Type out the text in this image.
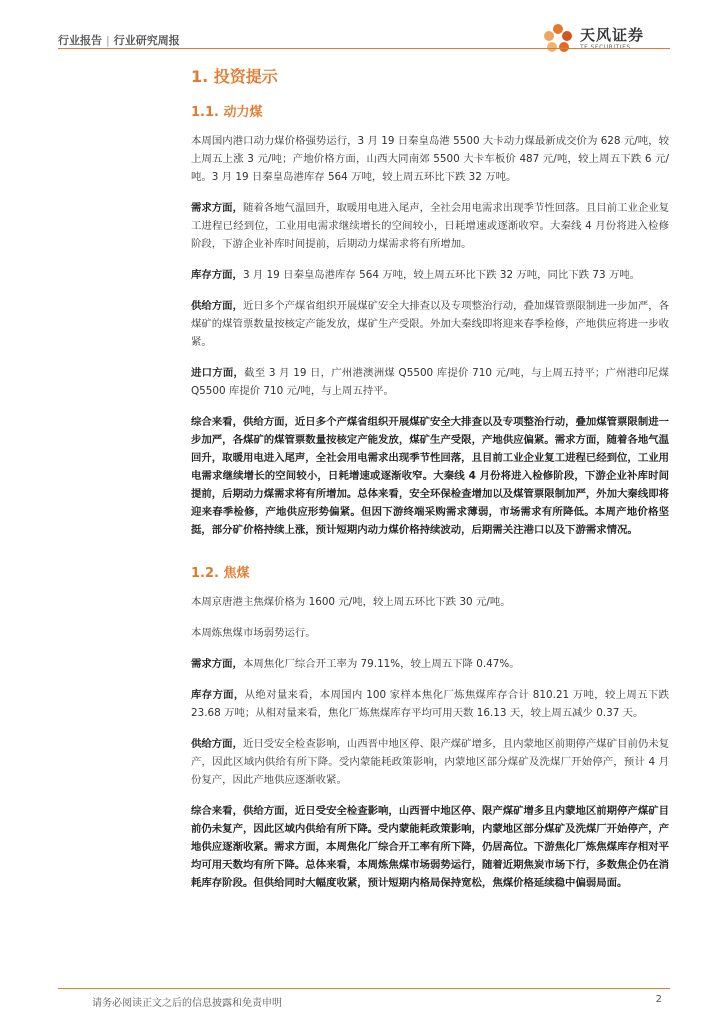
行业报告 | 行业研究周报	天风证券
TF SECURITIES
1. 投资提示
1.1. 动力煤

本周国内港口动力煤价格强势运行，3 月 19 日秦皇岛港 5500 大卡动力煤最新成交价为 628 元/吨，较上周五上涨 3 元/吨；产地价格方面，山西大同南郊 5500 大卡车板价 487 元/吨，较上周五下跌 6 元/吨。3 月 19 日秦皇岛港库存 564 万吨，较上周五环比下跌 32 万吨。

需求方面，随着各地气温回升，取暖用电进入尾声，全社会用电需求出现季节性回落。且目前工业企业复工进程已经到位，工业用电需求继续增长的空间较小，日耗增速或逐渐收窄。大秦线 4 月份将进入检修阶段，下游企业补库时间提前，后期动力煤需求将有所增加。

库存方面，3 月 19 日秦皇岛港库存 564 万吨，较上周五环比下跌 32 万吨，同比下跌 73 万吨。

供给方面，近日多个产煤省组织开展煤矿安全大排查以及专项整治行动，叠加煤管票限制进一步加严，各煤矿的煤管票数量按核定产能发放，煤矿生产受限。外加大秦线即将迎来春季检修，产地供应将进一步收紧。

进口方面，截至 3 月 19 日，广州港澳洲煤 Q5500 库提价 710 元/吨，与上周五持平；广州港印尼煤 Q5500 库提价 710 元/吨，与上周五持平。

综合来看，供给方面，近日多个产煤省组织开展煤矿安全大排查以及专项整治行动，叠加煤管票限制进一步加严，各煤矿的煤管票数量按核定产能发放，煤矿生产受限，产地供应偏紧。需求方面，随着各地气温回升，取暖用电进入尾声，全社会用电需求出现季节性回落，且目前工业企业复工进程已经到位，工业用电需求继续增长的空间较小，日耗增速或逐渐收窄。大秦线 4 月份将进入检修阶段，下游企业补库时间提前，后期动力煤需求将有所增加。总体来看，安全环保检查增加以及煤管票限制加严，外加大秦线即将迎来春季检修，产地供应形势偏紧。但因下游终端采购需求薄弱，市场需求有所降低。本周产地价格坚挺，部分矿价格持续上涨，预计短期内动力煤价格持续波动，后期需关注港口以及下游需求情况。

1.2. 焦煤

本周京唐港主焦煤价格为 1600 元/吨，较上周五环比下跌 30 元/吨。

本周炼焦煤市场弱势运行。

需求方面，本周焦化厂综合开工率为 79.11%，较上周五下降 0.47%。

库存方面，从绝对量来看，本周国内 100 家样本焦化厂炼焦煤库存合计 810.21 万吨，较上周五下跌 23.68 万吨；从相对量来看，焦化厂炼焦煤库存平均可用天数 16.13 天，较上周五减少 0.37 天。

供给方面，近日受安全检查影响，山西晋中地区停、限产煤矿增多，且内蒙地区前期停产煤矿目前仍未复产，因此区域内供给有所下降。受内蒙能耗政策影响，内蒙地区部分煤矿及洗煤厂开始停产，预计 4 月份复产，因此产地供应逐渐收紧。

综合来看，供给方面，近日受安全检查影响，山西晋中地区停、限产煤矿增多且内蒙地区前期停产煤矿目前仍未复产，因此区域内供给有所下降。受内蒙能耗政策影响，内蒙地区部分煤矿及洗煤厂开始停产，产地供应逐渐收紧。需求方面，本周焦化厂综合开工率有所下降，仍居高位。下游焦化厂炼焦煤库存相对平均可用天数均有所下降。总体来看，本周炼焦煤市场弱势运行，随着近期焦炭市场下行，多数焦企仍在消耗库存阶段。但供给同时大幅度收紧，预计短期内格局保持宽松，焦煤价格延续稳中偏弱局面。

请务必阅读正文之后的信息披露和免责申明	2
